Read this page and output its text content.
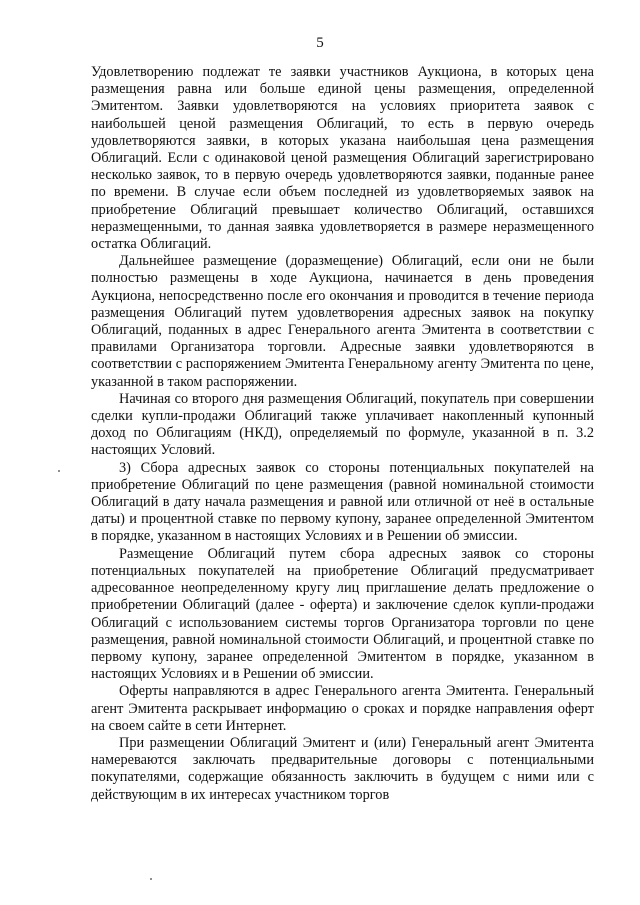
5

Удовлетворению подлежат те заявки участников Аукциона, в которых цена размещения равна или больше единой цены размещения, определенной Эмитентом. Заявки удовлетворяются на условиях приоритета заявок с наибольшей ценой размещения Облигаций, то есть в первую очередь удовлетворяются заявки, в которых указана наибольшая цена размещения Облигаций. Если с одинаковой ценой размещения Облигаций зарегистрировано несколько заявок, то в первую очередь удовлетворяются заявки, поданные ранее по времени. В случае если объем последней из удовлетворяемых заявок на приобретение Облигаций превышает количество Облигаций, оставшихся неразмещенными, то данная заявка удовлетворяется в размере неразмещенного остатка Облигаций.

Дальнейшее размещение (доразмещение) Облигаций, если они не были полностью размещены в ходе Аукциона, начинается в день проведения Аукциона, непосредственно после его окончания и проводится в течение периода размещения Облигаций путем удовлетворения адресных заявок на покупку Облигаций, поданных в адрес Генерального агента Эмитента в соответствии с правилами Организатора торговли. Адресные заявки удовлетворяются в соответствии с распоряжением Эмитента Генеральному агенту Эмитента по цене, указанной в таком распоряжении.

Начиная со второго дня размещения Облигаций, покупатель при совершении сделки купли-продажи Облигаций также уплачивает накопленный купонный доход по Облигациям (НКД), определяемый по формуле, указанной в п. 3.2 настоящих Условий.

3) Сбора адресных заявок со стороны потенциальных покупателей на приобретение Облигаций по цене размещения (равной номинальной стоимости Облигаций в дату начала размещения и равной или отличной от неё в остальные даты) и процентной ставке по первому купону, заранее определенной Эмитентом в порядке, указанном в настоящих Условиях и в Решении об эмиссии.

Размещение Облигаций путем сбора адресных заявок со стороны потенциальных покупателей на приобретение Облигаций предусматривает адресованное неопределенному кругу лиц приглашение делать предложение о приобретении Облигаций (далее - оферта) и заключение сделок купли-продажи Облигаций с использованием системы торгов Организатора торговли по цене размещения, равной номинальной стоимости Облигаций, и процентной ставке по первому купону, заранее определенной Эмитентом в порядке, указанном в настоящих Условиях и в Решении об эмиссии.

Оферты направляются в адрес Генерального агента Эмитента. Генеральный агент Эмитента раскрывает информацию о сроках и порядке направления оферт на своем сайте в сети Интернет.

При размещении Облигаций Эмитент и (или) Генеральный агент Эмитента намереваются заключать предварительные договоры с потенциальными покупателями, содержащие обязанность заключить в будущем с ними или с действующим в их интересах участником торгов
